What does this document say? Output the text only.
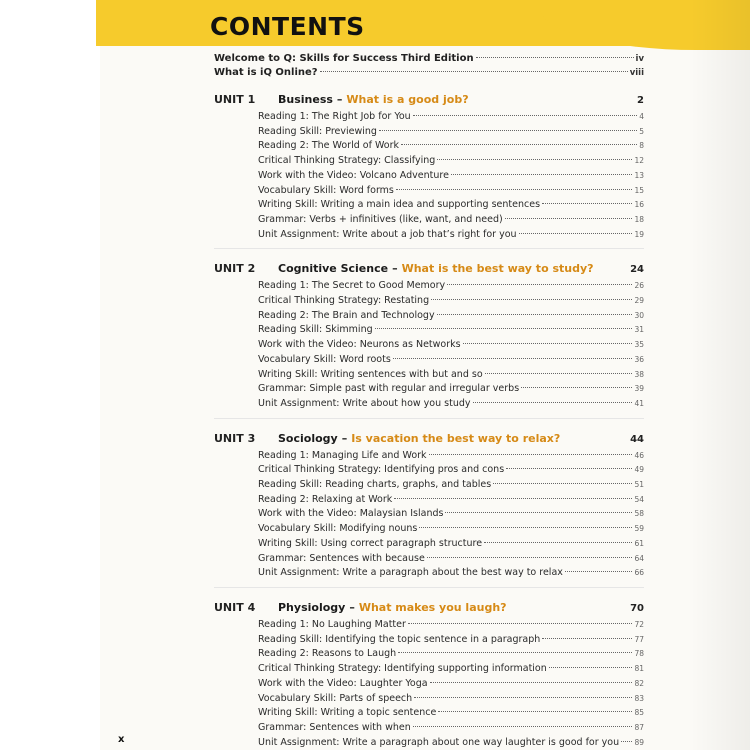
CONTENTS
Welcome to Q: Skills for Success Third Edition	iv
What is iQ Online?	viii
UNIT 1	Business – What is a good job?	2
Reading 1: The Right Job for You	4
Reading Skill: Previewing	5
Reading 2: The World of Work	8
Critical Thinking Strategy: Classifying	12
Work with the Video: Volcano Adventure	13
Vocabulary Skill: Word forms	15
Writing Skill: Writing a main idea and supporting sentences	16
Grammar: Verbs + infinitives (like, want, and need)	18
Unit Assignment: Write about a job that’s right for you	19
UNIT 2	Cognitive Science – What is the best way to study?	24
Reading 1: The Secret to Good Memory	26
Critical Thinking Strategy: Restating	29
Reading 2: The Brain and Technology	30
Reading Skill: Skimming	31
Work with the Video: Neurons as Networks	35
Vocabulary Skill: Word roots	36
Writing Skill: Writing sentences with but and so	38
Grammar: Simple past with regular and irregular verbs	39
Unit Assignment: Write about how you study	41
UNIT 3	Sociology – Is vacation the best way to relax?	44
Reading 1: Managing Life and Work	46
Critical Thinking Strategy: Identifying pros and cons	49
Reading Skill: Reading charts, graphs, and tables	51
Reading 2: Relaxing at Work	54
Work with the Video: Malaysian Islands	58
Vocabulary Skill: Modifying nouns	59
Writing Skill: Using correct paragraph structure	61
Grammar: Sentences with because	64
Unit Assignment: Write a paragraph about the best way to relax	66
UNIT 4	Physiology – What makes you laugh?	70
Reading 1: No Laughing Matter	72
Reading Skill: Identifying the topic sentence in a paragraph	77
Reading 2: Reasons to Laugh	78
Critical Thinking Strategy: Identifying supporting information	81
Work with the Video: Laughter Yoga	82
Vocabulary Skill: Parts of speech	83
Writing Skill: Writing a topic sentence	85
Grammar: Sentences with when	87
Unit Assignment: Write a paragraph about one way laughter is good for you 89
x
